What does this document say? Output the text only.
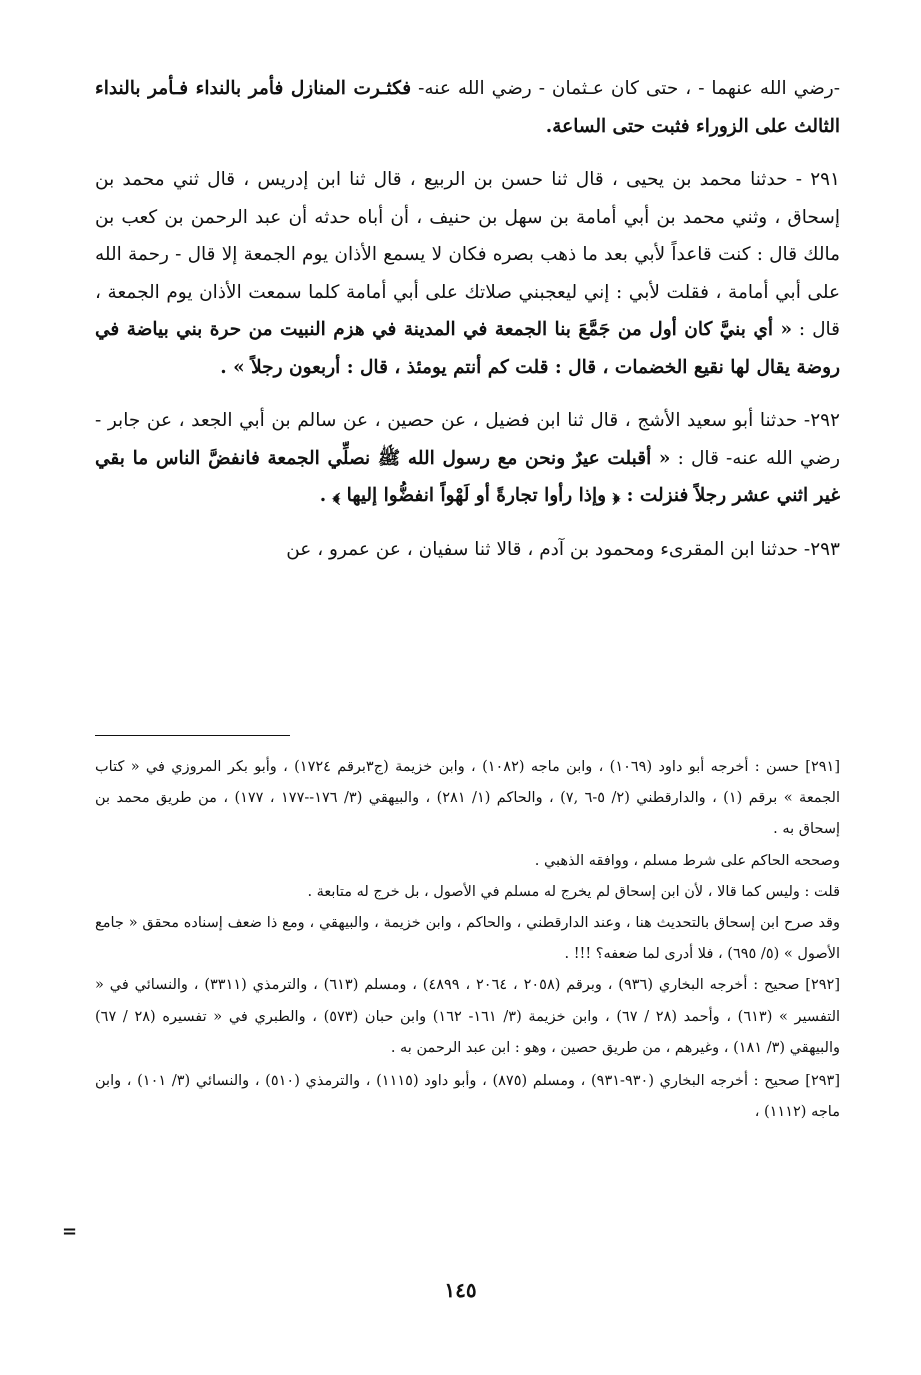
-رضي الله عنهما - ، حتى كان عـثمان - رضي الله عنه- فكثـرت المنازل فأمر بالنداء فـأمر بالنداء الثالث على الزوراء فثبت حتى الساعة.

٢٩١ - حدثنا محمد بن يحيى ، قال ثنا حسن بن الربيع ، قال ثنا ابن إدريس ، قال ثني محمد بن إسحاق ، وثني محمد بن أبي أمامة بن سهل بن حنيف ، أن أباه حدثه أن عبد الرحمن بن كعب بن مالك قال : كنت قاعداً لأبي بعد ما ذهب بصره فكان لا يسمع الأذان يوم الجمعة إلا قال - رحمة الله على أبي أمامة ، فقلت لأبي : إني ليعجبني صلاتك على أبي أمامة كلما سمعت الأذان يوم الجمعة ، قال : « أي بنيَّ كان أول من جَمَّعَ بنا الجمعة في المدينة في هزم النبيت من حرة بني بياضة في روضة يقال لها نقيع الخضمات ، قال : قلت كم أنتم يومئذ ، قال : أربعون رجلاً » .

٢٩٢- حدثنا أبو سعيد الأشج ، قال ثنا ابن فضيل ، عن حصين ، عن سالم بن أبي الجعد ، عن جابر - رضي الله عنه- قال : « أقبلت عيرٌ ونحن مع رسول الله ﷺ نصلِّي الجمعة فانفضَّ الناس ما بقي غير اثني عشر رجلاً فنزلت : ﴿ وإذا رأوا تجارةً أو لَهْواً انفضُّوا إليها ﴾ .

٢٩٣- حدثنا ابن المقرىء ومحمود بن آدم ، قالا ثنا سفيان ، عن عمرو ، عن

[٢٩١] حسن : أخرجه أبو داود (١٠٦٩) ، وابن ماجه (١٠٨٢) ، وابن خزيمة (ج٣برقم ١٧٢٤) ، وأبو بكر المروزي في « كتاب الجمعة » برقم (١) ، والدارقطني (٢/ ٥-٦ ,٧) ، والحاكم (١/ ٢٨١) ، والبيهقي (٣/ ١٧٦--١٧٧ ، ١٧٧) ، من طريق محمد بن إسحاق به .

وصححه الحاكم على شرط مسلم ، ووافقه الذهبي .

قلت : وليس كما قالا ، لأن ابن إسحاق لم يخرج له مسلم في الأصول ، بل خرج له متابعة .

وقد صرح ابن إسحاق بالتحديث هنا ، وعند الدارقطني ، والحاكم ، وابن خزيمة ، والبيهقي ، ومع ذا ضعف إسناده محقق « جامع الأصول » (٥/ ٦٩٥) ، فلا أدرى لما ضعفه؟ !!! .

[٢٩٢] صحيح : أخرجه البخاري (٩٣٦) ، وبرقم (٢٠٥٨ ، ٢٠٦٤ ، ٤٨٩٩) ، ومسلم (٦١٣) ، والترمذي (٣٣١١) ، والنسائي في « التفسير » (٦١٣) ، وأحمد (٢٨ / ٦٧) ، وابن خزيمة (٣/ ١٦١- ١٦٢) وابن حبان (٥٧٣) ، والطبري في « تفسيره (٢٨ / ٦٧) والبيهقي (٣/ ١٨١) ، وغيرهم ، من طريق حصين ، وهو : ابن عبد الرحمن به .

[٢٩٣] صحيح : أخرجه البخاري (٩٣٠-٩٣١) ، ومسلم (٨٧٥) ، وأبو داود (١١١٥) ، والترمذي (٥١٠) ، والنسائي (٣/ ١٠١) ، وابن ماجه (١١١٢) ،

=
١٤٥
